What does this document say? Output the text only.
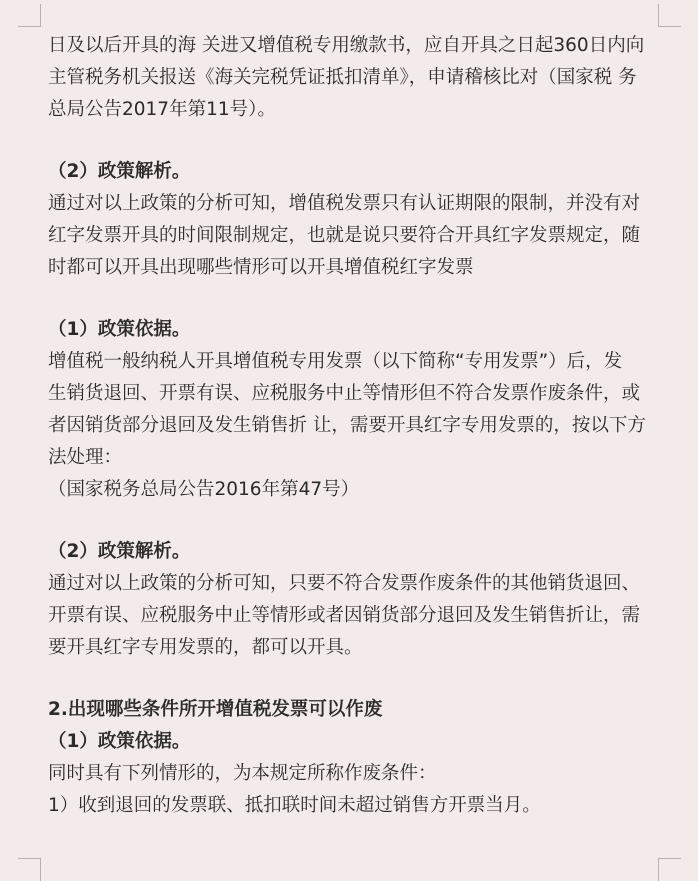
日及以后开具的海 关进又增值税专用缴款书，应自开具之日起360日内向
主管税务机关报送《海关完税凭证抵扣清单》，申请稽核比对（国家税 务
总局公告2017年第11号）。
（2）政策解析。
通过对以上政策的分析可知，增值税发票只有认证期限的限制，并没有对
红字发票开具的时间限制规定，也就是说只要符合开具红字发票规定，随
时都可以开具出现哪些情形可以开具增值税红字发票
（1）政策依据。
增值税一般纳税人开具增值税专用发票（以下简称“专用发票”）后，发
生销货退回、开票有误、应税服务中止等情形但不符合发票作废条件，或
者因销货部分退回及发生销售折 让，需要开具红字专用发票的，按以下方
法处理：
（国家税务总局公告2016年第47号）
（2）政策解析。
通过对以上政策的分析可知，只要不符合发票作废条件的其他销货退回、
开票有误、应税服务中止等情形或者因销货部分退回及发生销售折让，需
要开具红字专用发票的，都可以开具。
2.出现哪些条件所开增值税发票可以作废
（1）政策依据。
同时具有下列情形的，为本规定所称作废条件：
1）收到退回的发票联、抵扣联时间未超过销售方开票当月。
